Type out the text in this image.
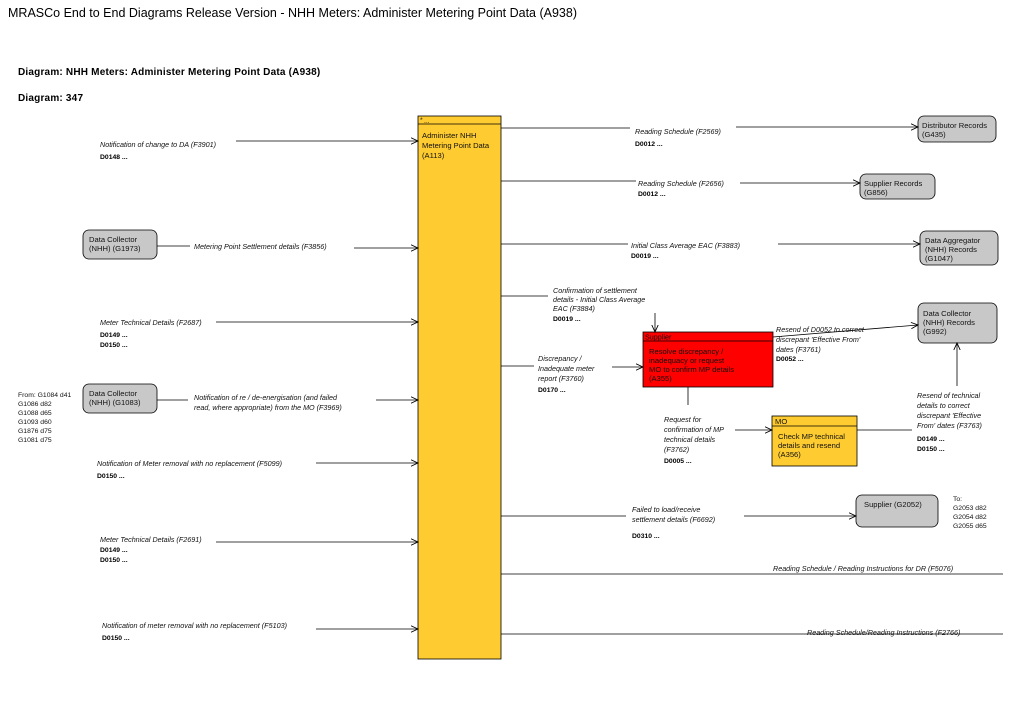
MRASCo End to End Diagrams Release Version - NHH Meters: Administer Metering Point Data (A938)
Diagram: NHH Meters: Administer Metering Point Data (A938)
Diagram: 347
* ...
Administer NHH Metering Point Data (A113)
Supplier
Resolve discrepancy / inadequacy or request MO to confirm MP details (A355)
MO
Check MP technical details and resend (A356)
Distributor Records (G435)
Supplier Records (G856)
Data Aggregator (NHH) Records (G1047)
Data Collector (NHH) Records (G992)
Supplier (G2052)
Data Collector (NHH) (G1973)
Data Collector (NHH) (G1083)
From: G1084 d41 G1086 d82 G1088 d65 G1093 d60 G1876 d75 G1081 d75
To: G2053 d82 G2054 d82 G2055 d65
Notification of change to DA (F3901)
D0148 ...
Metering Point Settlement details (F3856)
Meter Technical Details (F2687)
D0149 ...
D0150 ...
Notification of re / de-energisation (and failed read, where appropriate) from the MO (F3969)
Notification of Meter removal with no replacement (F5099)
D0150 ...
Meter Technical Details (F2691)
D0149 ...
D0150 ...
Notification of meter removal with no replacement (F5103)
D0150 ...
Reading Schedule (F2569)
D0012 ...
Reading Schedule (F2656)
D0012 ...
Initial Class Average EAC (F3883)
D0019 ...
Confirmation of settlement details - Initial Class Average EAC (F3884)
D0019 ...
Discrepancy / Inadequate meter report (F3760)
D0170 ...
Resend of D0052 to correct discrepant 'Effective From' dates (F3761)
D0052 ...
Request for confirmation of MP technical details (F3762)
D0005 ...
Resend of technical details to correct discrepant 'Effective From' dates (F3763)
D0149 ...
D0150 ...
Failed to load/receive settlement details (F6692)
D0310 ...
Reading Schedule / Reading Instructions for DR (F5076)
Reading Schedule/Reading Instructions (F2766)
